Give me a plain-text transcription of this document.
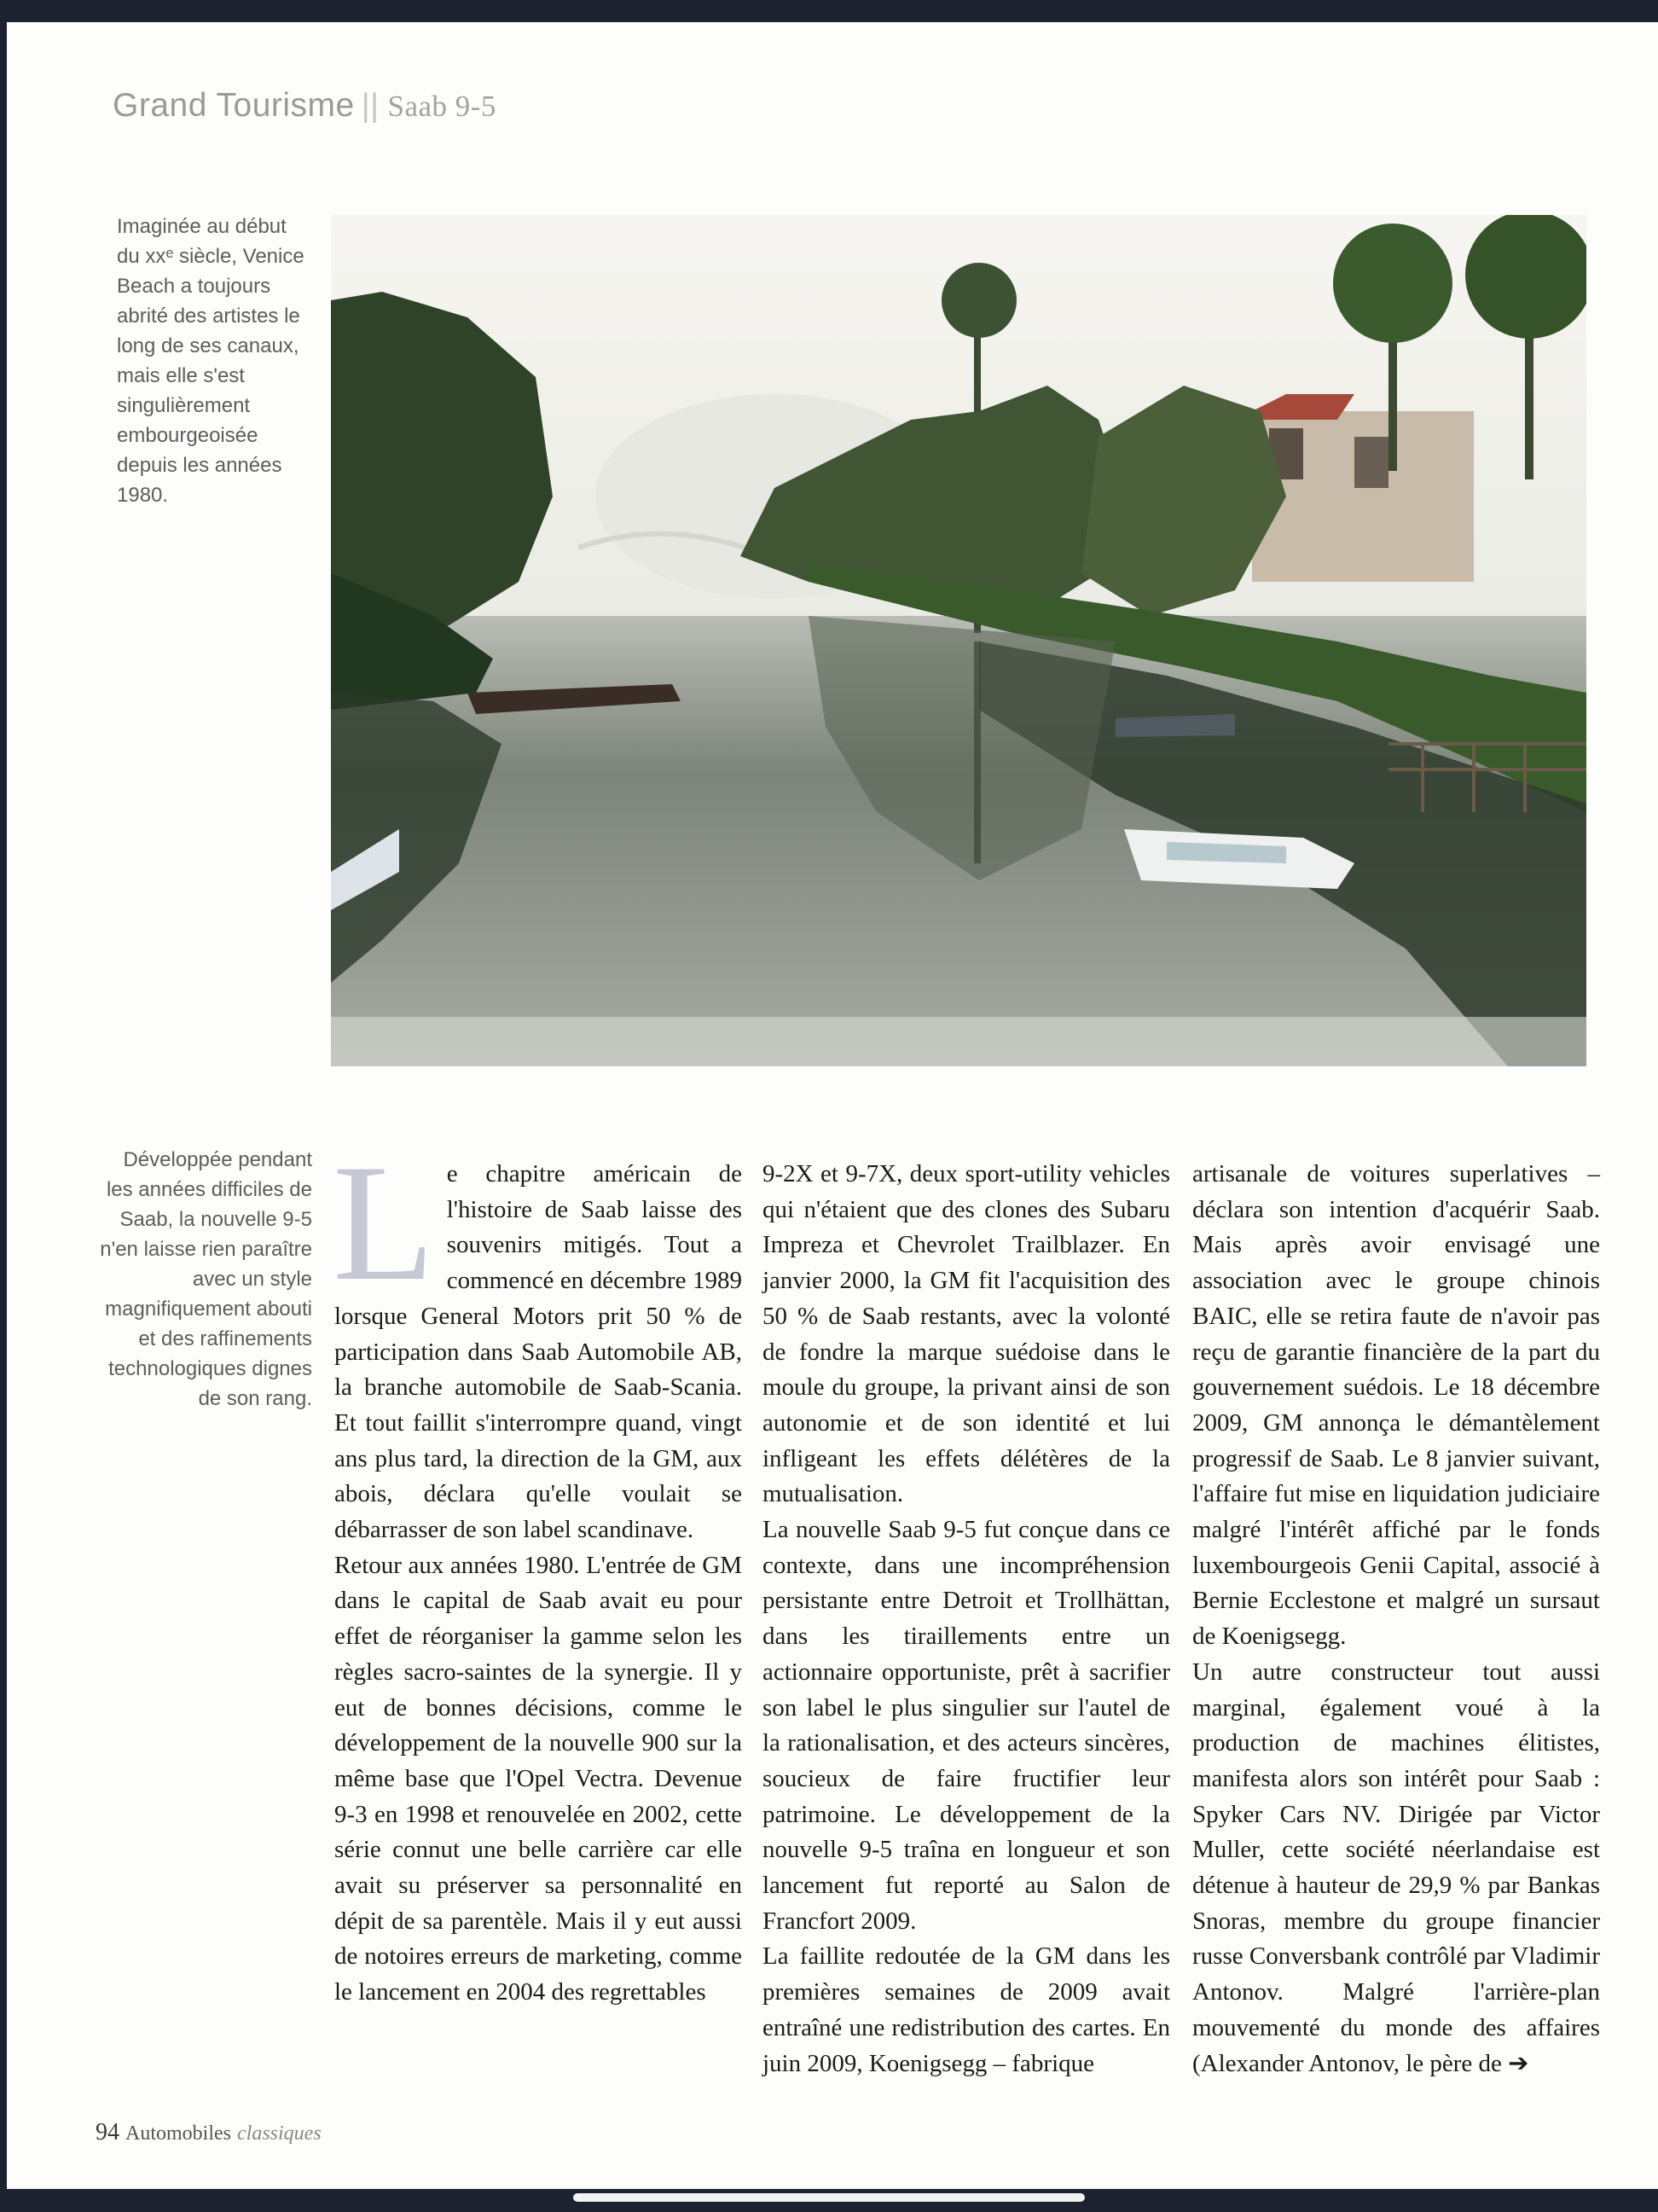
Grand Tourisme || Saab 9-5

Imaginée au début du xxᵉ siècle, Venice Beach a toujours abrité des artistes le long de ses canaux, mais elle s'est singulièrement embourgeoisée depuis les années 1980.

Développée pendant les années difficiles de Saab, la nouvelle 9-5 n'en laisse rien paraître avec un style magnifiquement abouti et des raffinements technologiques dignes de son rang.

Le chapitre américain de l'histoire de Saab laisse des souvenirs mitigés. Tout a commencé en décembre 1989 lorsque General Motors prit 50 % de participation dans Saab Automobile AB, la branche automobile de Saab-Scania. Et tout faillit s'interrompre quand, vingt ans plus tard, la direction de la GM, aux abois, déclara qu'elle voulait se débarrasser de son label scandinave.

Retour aux années 1980. L'entrée de GM dans le capital de Saab avait eu pour effet de réorganiser la gamme selon les règles sacro-saintes de la synergie. Il y eut de bonnes décisions, comme le développement de la nouvelle 900 sur la même base que l'Opel Vectra. Devenue 9-3 en 1998 et renouvelée en 2002, cette série connut une belle carrière car elle avait su préserver sa personnalité en dépit de sa parentèle. Mais il y eut aussi de notoires erreurs de marketing, comme le lancement en 2004 des regrettables

9-2X et 9-7X, deux sport-utility vehicles qui n'étaient que des clones des Subaru Impreza et Chevrolet Trailblazer. En janvier 2000, la GM fit l'acquisition des 50 % de Saab restants, avec la volonté de fondre la marque suédoise dans le moule du groupe, la privant ainsi de son autonomie et de son identité et lui infligeant les effets délétères de la mutualisation.

La nouvelle Saab 9-5 fut conçue dans ce contexte, dans une incompréhension persistante entre Detroit et Trollhättan, dans les tiraillements entre un actionnaire opportuniste, prêt à sacrifier son label le plus singulier sur l'autel de la rationalisation, et des acteurs sincères, soucieux de faire fructifier leur patrimoine. Le développement de la nouvelle 9-5 traîna en longueur et son lancement fut reporté au Salon de Francfort 2009.

La faillite redoutée de la GM dans les premières semaines de 2009 avait entraîné une redistribution des cartes. En juin 2009, Koenigsegg – fabrique

artisanale de voitures superlatives – déclara son intention d'acquérir Saab. Mais après avoir envisagé une association avec le groupe chinois BAIC, elle se retira faute de n'avoir pas reçu de garantie financière de la part du gouvernement suédois. Le 18 décembre 2009, GM annonça le démantèlement progressif de Saab. Le 8 janvier suivant, l'affaire fut mise en liquidation judiciaire malgré l'intérêt affiché par le fonds luxembourgeois Genii Capital, associé à Bernie Ecclestone et malgré un sursaut de Koenigsegg.

Un autre constructeur tout aussi marginal, également voué à la production de machines élitistes, manifesta alors son intérêt pour Saab : Spyker Cars NV. Dirigée par Victor Muller, cette société néerlandaise est détenue à hauteur de 29,9 % par Bankas Snoras, membre du groupe financier russe Conversbank contrôlé par Vladimir Antonov. Malgré l'arrière-plan mouvementé du monde des affaires (Alexander Antonov, le père de ➔

94 Automobiles classiques
